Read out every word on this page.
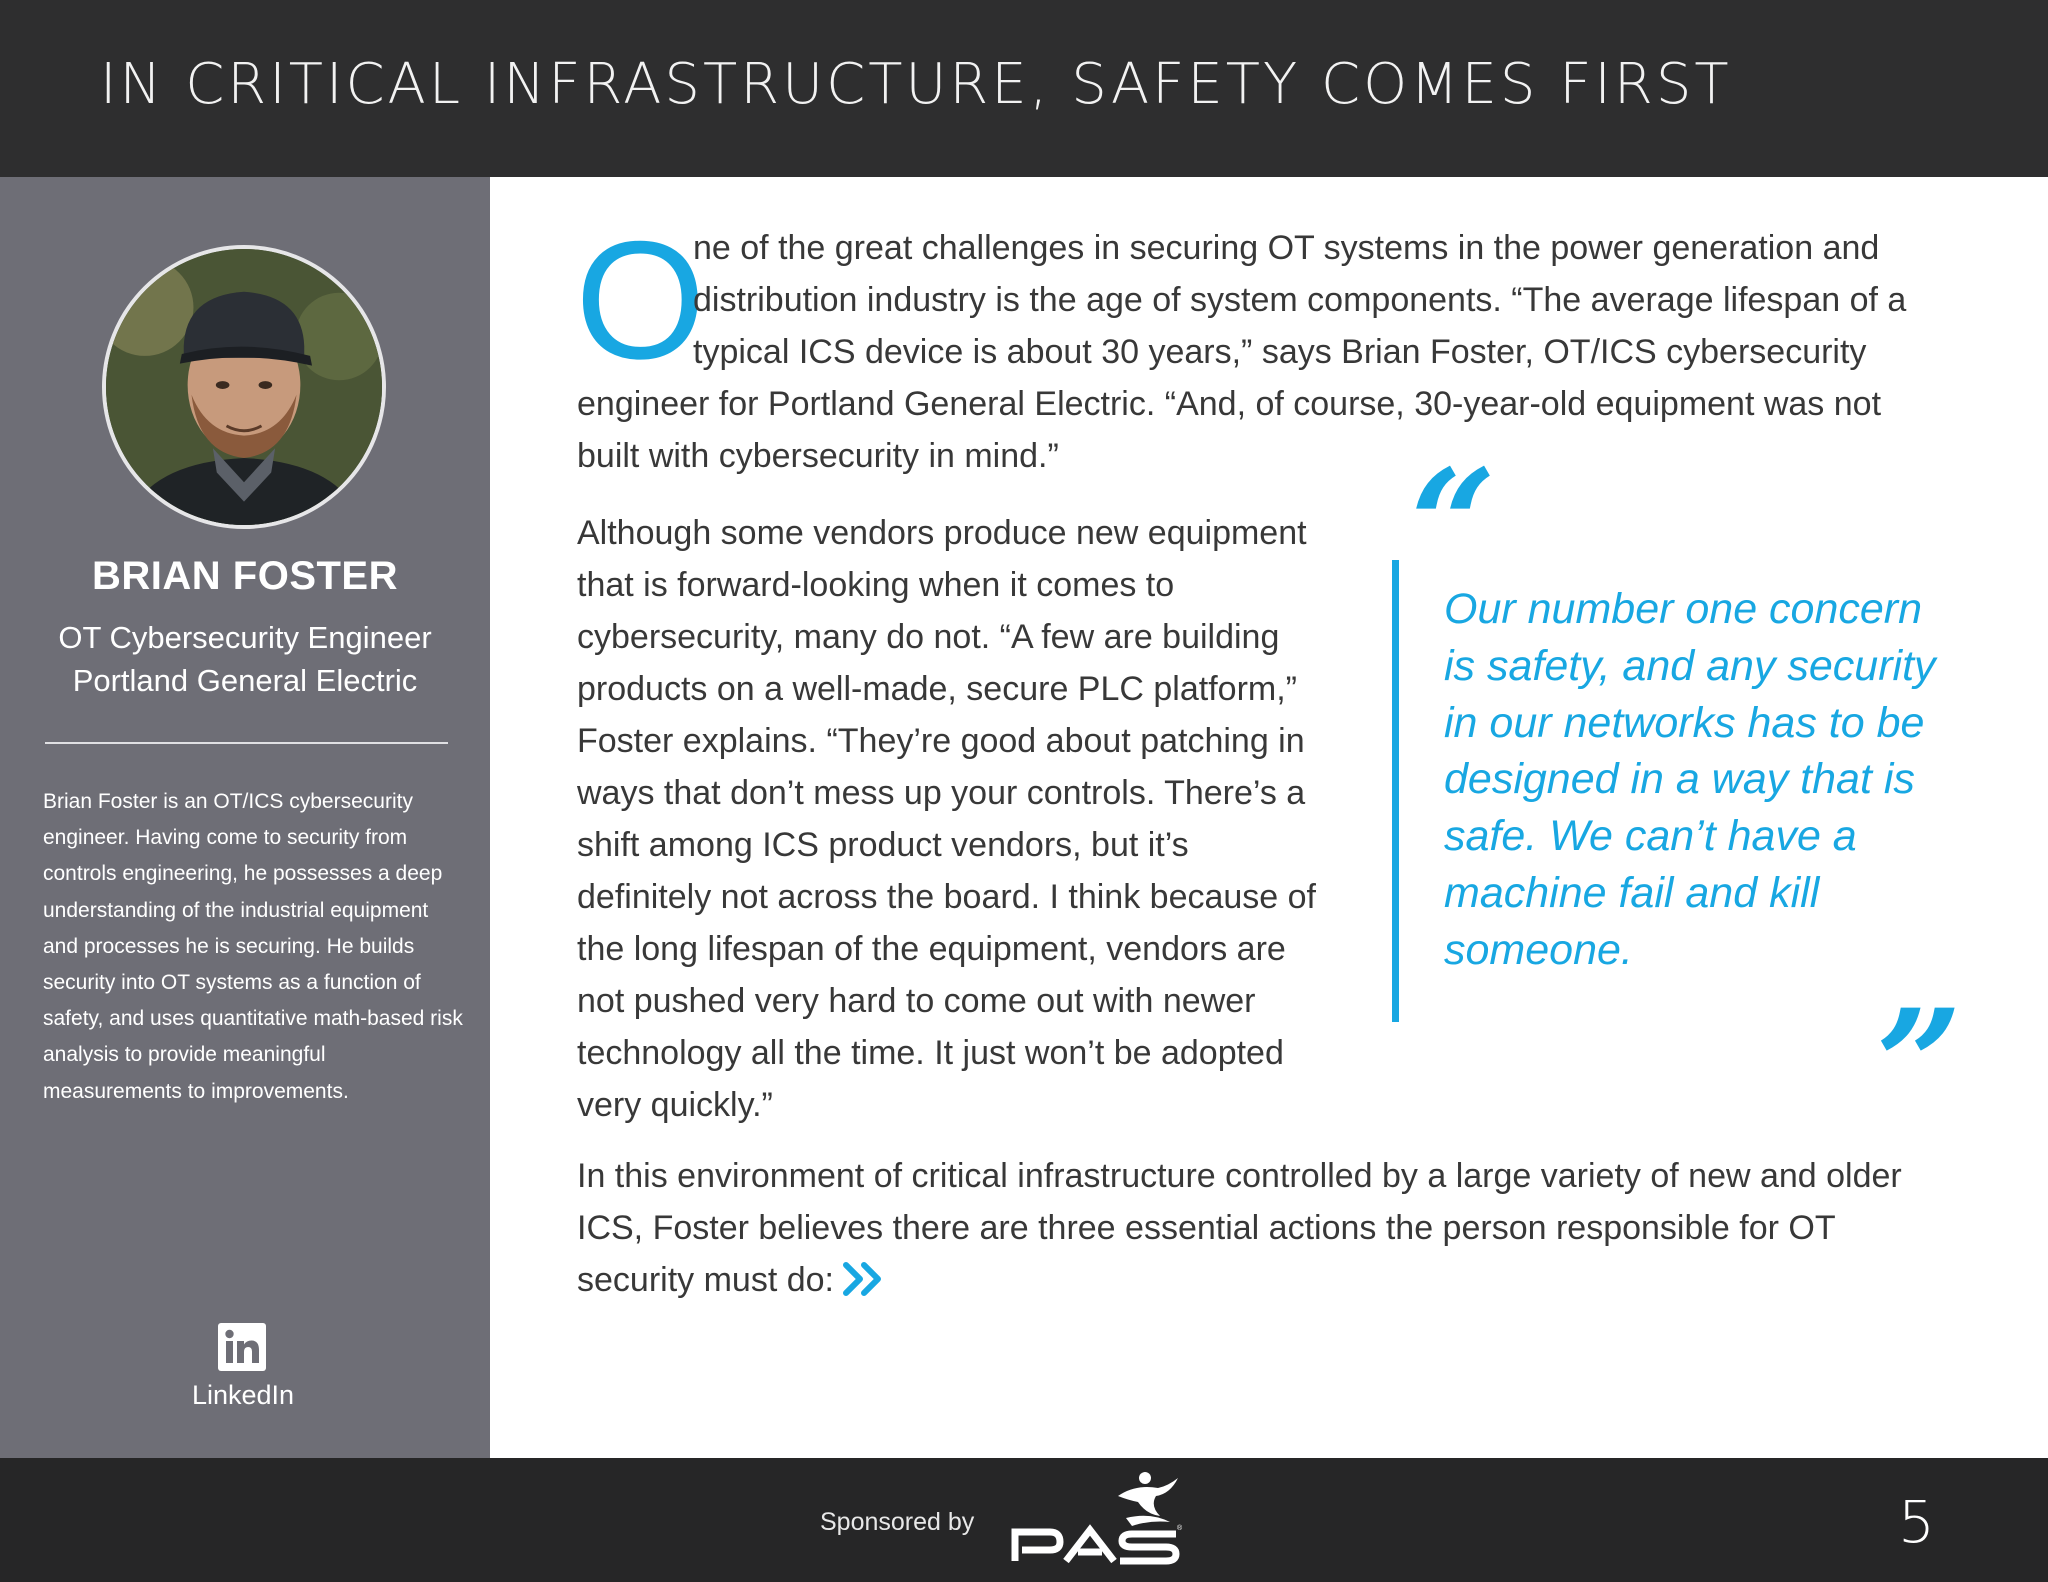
IN CRITICAL INFRASTRUCTURE, SAFETY COMES FIRST
BRIAN FOSTER
OT Cybersecurity Engineer
Portland General Electric
Brian Foster is an OT/ICS cybersecurity engineer. Having come to security from controls engineering, he possesses a deep understanding of the industrial equipment and processes he is securing. He builds security into OT systems as a function of safety, and uses quantitative math-based risk analysis to provide meaningful measurements to improvements.
LinkedIn
O
ne of the great challenges in securing OT systems in the power generation and distribution industry is the age of system components. “The average lifespan of a typical ICS device is about 30 years,” says Brian Foster, OT/ICS cybersecurity
engineer for Portland General Electric. “And, of course, 30-year-old equipment was not built with cybersecurity in mind.”
Although some vendors produce new equipment that is forward-looking when it comes to cybersecurity, many do not. “A few are building products on a well-made, secure PLC platform,” Foster explains. “They’re good about patching in ways that don’t mess up your controls. There’s a shift among ICS product vendors, but it’s definitely not across the board. I think because of the long lifespan of the equipment, vendors are not pushed very hard to come out with newer technology all the time. It just won’t be adopted very quickly.”
In this environment of critical infrastructure controlled by a large variety of new and older ICS, Foster believes there are three essential actions the person responsible for OT security must do:
“
Our number one concern is safety, and any security in our networks has to be designed in a way that is safe. We can’t have a machine fail and kill someone.
”
Sponsored by	®	5
